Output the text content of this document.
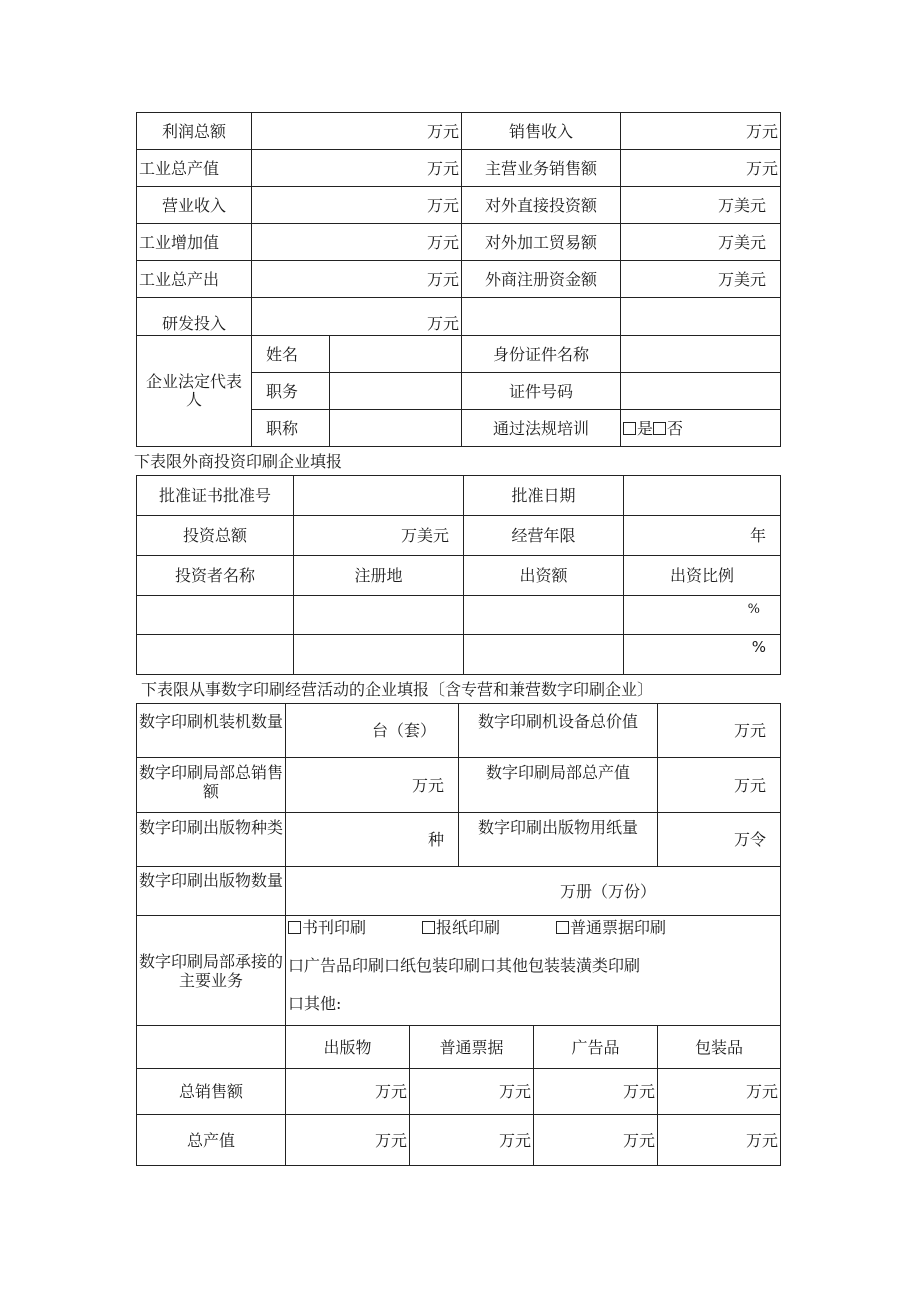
利润总额	万元		销售收入	万元
工业总产值	万元		主营业务销售额	万元
营业收入	万元		对外直接投资额	万美元
工业增加值	万元		对外加工贸易额	万美元
工业总产出	万元		外商注册资金额	万美元
研发投入	万元			
企业法定代表人	姓名		身份证件名称	
	职务		证件号码	
	职称		通过法规培训	是 否
下表限外商投资印刷企业填报
批准证书批准号		批准日期	
投资总额	万美元	经营年限	年
投资者名称	注册地	出资额	出资比例
			%
			%
下表限从事数字印刷经营活动的企业填报〔含专营和兼营数字印刷企业〕
数字印刷机装机数量	台（套）		数字印刷机设备总价值		万元
数字印刷局部总销售额	万元		数字印刷局部总产值		万元
数字印刷出版物种类	种		数字印刷出版物用纸量		万令
数字印刷出版物数量	万册（万份）				
数字印刷局部承接的主要业务	书刊印刷 报纸印刷 普通票据印刷
口广告品印刷口纸包装印刷口其他包装装潢类印刷
口其他:				

	出版物	普通票据		广告品	包装品
总销售额	万元	万元		万元	万元
总产值	万元	万元		万元	万元
